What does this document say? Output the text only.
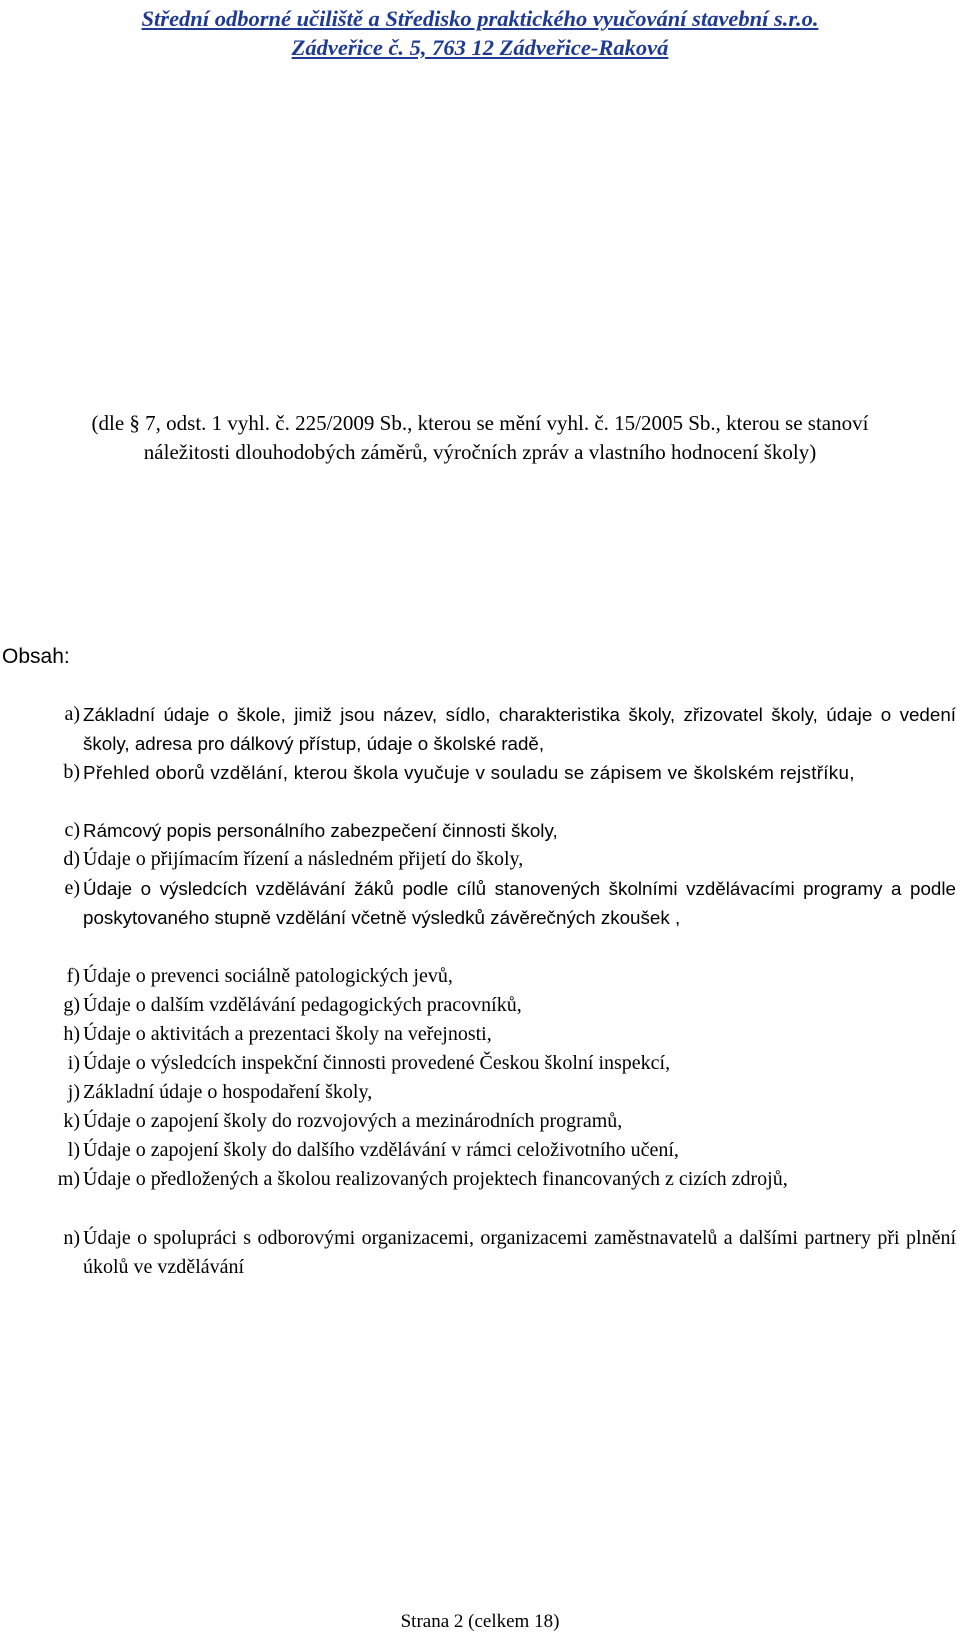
Střední odborné učiliště a Středisko praktického vyučování stavební s.r.o.
Zádveřice č. 5, 763 12 Zádveřice-Raková
(dle § 7, odst. 1 vyhl. č. 225/2009 Sb., kterou se mění vyhl. č. 15/2005 Sb., kterou se stanoví
náležitosti dlouhodobých záměrů, výročních zpráv a vlastního hodnocení školy)
Obsah:
a) Základní údaje o škole, jimiž jsou název, sídlo, charakteristika školy, zřizovatel školy, údaje o vedení školy, adresa pro dálkový přístup, údaje o školské radě,
b) Přehled oborů vzdělání, kterou škola vyučuje v souladu se zápisem ve školském rejstříku,
c) Rámcový popis personálního zabezpečení činnosti školy,
d) Údaje o přijímacím řízení a následném přijetí do školy,
e) Údaje o výsledcích vzdělávání žáků podle cílů stanovených školními vzdělávacími programy a podle poskytovaného stupně vzdělání včetně výsledků závěrečných zkoušek ,
f) Údaje o prevenci sociálně patologických jevů,
g) Údaje o dalším vzdělávání pedagogických pracovníků,
h) Údaje o aktivitách a prezentaci školy na veřejnosti,
i) Údaje o výsledcích inspekční činnosti provedené Českou školní inspekcí,
j) Základní údaje o hospodaření školy,
k) Údaje o zapojení školy do rozvojových a mezinárodních programů,
l) Údaje o zapojení školy do dalšího vzdělávání v rámci celoživotního učení,
m) Údaje o předložených a školou realizovaných projektech financovaných z cizích zdrojů,
n) Údaje o spolupráci s odborovými organizacemi, organizacemi zaměstnavatelů a dalšími partnery při plnění úkolů ve vzdělávání
Strana 2 (celkem 18)
